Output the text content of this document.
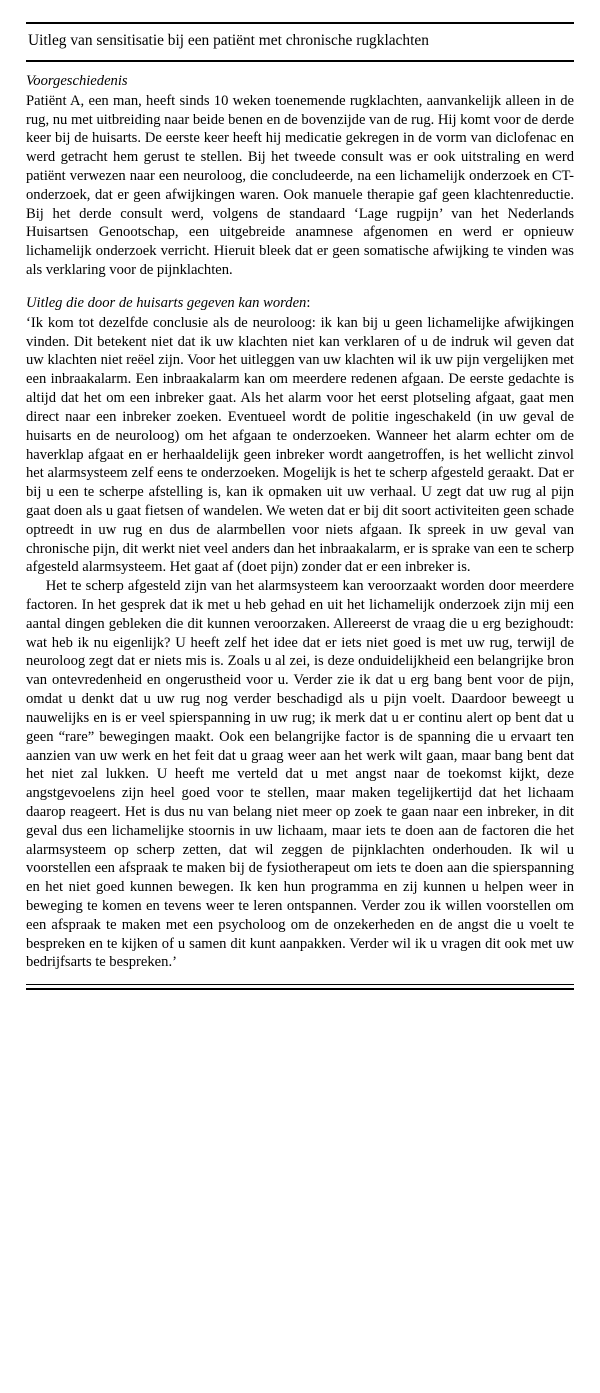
Uitleg van sensitisatie bij een patiënt met chronische rugklachten
Voorgeschiedenis

Patiënt A, een man, heeft sinds 10 weken toenemende rugklachten, aanvankelijk alleen in de rug, nu met uitbreiding naar beide benen en de bovenzijde van de rug. Hij komt voor de derde keer bij de huisarts. De eerste keer heeft hij medicatie gekregen in de vorm van diclofenac en werd getracht hem gerust te stellen. Bij het tweede consult was er ook uitstraling en werd patiënt verwezen naar een neuroloog, die concludeerde, na een lichamelijk onderzoek en CT-onderzoek, dat er geen afwijkingen waren. Ook manuele therapie gaf geen klachtenreductie. Bij het derde consult werd, volgens de standaard ‘Lage rugpijn’ van het Nederlands Huisartsen Genootschap, een uitgebreide anamnese afgenomen en werd er opnieuw lichamelijk onderzoek verricht. Hieruit bleek dat er geen somatische afwijking te vinden was als verklaring voor de pijnklachten.

Uitleg die door de huisarts gegeven kan worden:

‘Ik kom tot dezelfde conclusie als de neuroloog: ik kan bij u geen lichamelijke afwijkingen vinden. Dit betekent niet dat ik uw klachten niet kan verklaren of u de indruk wil geven dat uw klachten niet reëel zijn. Voor het uitleggen van uw klachten wil ik uw pijn vergelijken met een inbraakalarm. Een inbraakalarm kan om meerdere redenen afgaan. De eerste gedachte is altijd dat het om een inbreker gaat. Als het alarm voor het eerst plotseling afgaat, gaat men direct naar een inbreker zoeken. Eventueel wordt de politie ingeschakeld (in uw geval de huisarts en de neuroloog) om het afgaan te onderzoeken. Wanneer het alarm echter om de haverklap afgaat en er herhaaldelijk geen inbreker wordt aangetroffen, is het wellicht zinvol het alarmsysteem zelf eens te onderzoeken. Mogelijk is het te scherp afgesteld geraakt. Dat er bij u een te scherpe afstelling is, kan ik opmaken uit uw verhaal. U zegt dat uw rug al pijn gaat doen als u gaat fietsen of wandelen. We weten dat er bij dit soort activiteiten geen schade optreedt in uw rug en dus de alarmbellen voor niets afgaan. Ik spreek in uw geval van chronische pijn, dit werkt niet veel anders dan het inbraakalarm, er is sprake van een te scherp afgesteld alarmsysteem. Het gaat af (doet pijn) zonder dat er een inbreker is.

Het te scherp afgesteld zijn van het alarmsysteem kan veroorzaakt worden door meerdere factoren. In het gesprek dat ik met u heb gehad en uit het lichamelijk onderzoek zijn mij een aantal dingen gebleken die dit kunnen veroorzaken. Allereerst de vraag die u erg bezighoudt: wat heb ik nu eigenlijk? U heeft zelf het idee dat er iets niet goed is met uw rug, terwijl de neuroloog zegt dat er niets mis is. Zoals u al zei, is deze onduidelijkheid een belangrijke bron van ontevredenheid en ongerustheid voor u. Verder zie ik dat u erg bang bent voor de pijn, omdat u denkt dat u uw rug nog verder beschadigd als u pijn voelt. Daardoor beweegt u nauwelijks en is er veel spierspanning in uw rug; ik merk dat u er continu alert op bent dat u geen “rare” bewegingen maakt. Ook een belangrijke factor is de spanning die u ervaart ten aanzien van uw werk en het feit dat u graag weer aan het werk wilt gaan, maar bang bent dat het niet zal lukken. U heeft me verteld dat u met angst naar de toekomst kijkt, deze angstgevoelens zijn heel goed voor te stellen, maar maken tegelijkertijd dat het lichaam daarop reageert. Het is dus nu van belang niet meer op zoek te gaan naar een inbreker, in dit geval dus een lichamelijke stoornis in uw lichaam, maar iets te doen aan de factoren die het alarmsysteem op scherp zetten, dat wil zeggen de pijnklachten onderhouden. Ik wil u voorstellen een afspraak te maken bij de fysiotherapeut om iets te doen aan die spierspanning en het niet goed kunnen bewegen. Ik ken hun programma en zij kunnen u helpen weer in beweging te komen en tevens weer te leren ontspannen. Verder zou ik willen voorstellen om een afspraak te maken met een psycholoog om de onzekerheden en de angst die u voelt te bespreken en te kijken of u samen dit kunt aanpakken. Verder wil ik u vragen dit ook met uw bedrijfsarts te bespreken.’
